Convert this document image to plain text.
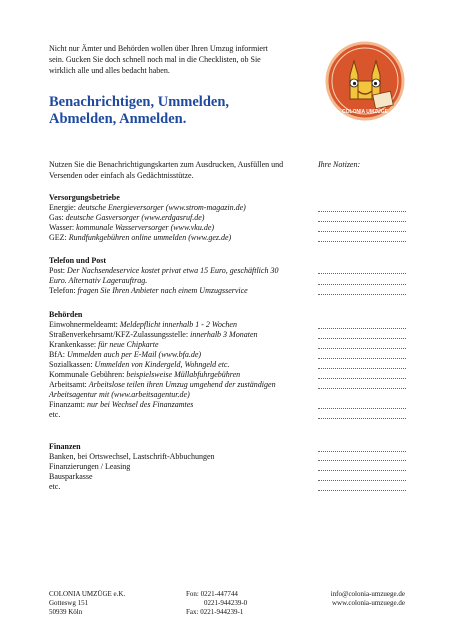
Nicht nur Ämter und Behörden wollen über Ihren Umzug informiert sein. Gucken Sie doch schnell noch mal in die Checklisten, ob Sie wirklich alle und alles bedacht haben.
COLONIA UMZÜGE
Benachrichtigen, Ummelden,
Abmelden, Anmelden.
Nutzen Sie die Benachrichtigungskarten zum Ausdrucken, Ausfüllen und Versenden oder einfach als Gedächtnisstütze.
Ihre Notizen:
Versorgungsbetriebe
Energie: deutsche Energieversorger (www.strom-magazin.de)
Gas: deutsche Gasversorger (www.erdgasruf.de)
Wasser: kommunale Wasserversorger (www.vku.de)
GEZ: Rundfunkgebühren online ummelden (www.gez.de)
Telefon und Post
Post: Der Nachsendeservice kostet privat etwa 15 Euro, geschäftlich 30 Euro. Alternativ Lagerauftrag.
Telefon: fragen Sie Ihren Anbieter nach einem Umzugsservice
Behörden
Einwohnermeldeamt: Meldepflicht innerhalb 1 - 2 Wochen
Straßenverkehrsamt/KFZ-Zulassungsstelle: innerhalb 3 Monaten
Krankenkasse: für neue Chipkarte
BfA: Ummelden auch per E-Mail (www.bfa.de)
Sozialkassen: Ummelden von Kindergeld, Wohngeld etc.
Kommunale Gebühren: beispielsweise Müllabfuhrgebühren
Arbeitsamt: Arbeitslose teilen ihren Umzug umgehend der zuständigen Arbeitsagentur mit (www.arbeitsagentur.de)
Finanzamt: nur bei Wechsel des Finanzamtes
etc.
Finanzen
Banken, bei Ortswechsel, Lastschrift-Abbuchungen
Finanzierungen / Leasing
Bausparkasse
etc.
COLONIA UMZÜGE e.K.
Gotteswg 151
50939 Köln
Fon: 0221-447744
0221-944239-0
Fax: 0221-944239-1
info@colonia-umzuege.de
www.colonia-umzuege.de
